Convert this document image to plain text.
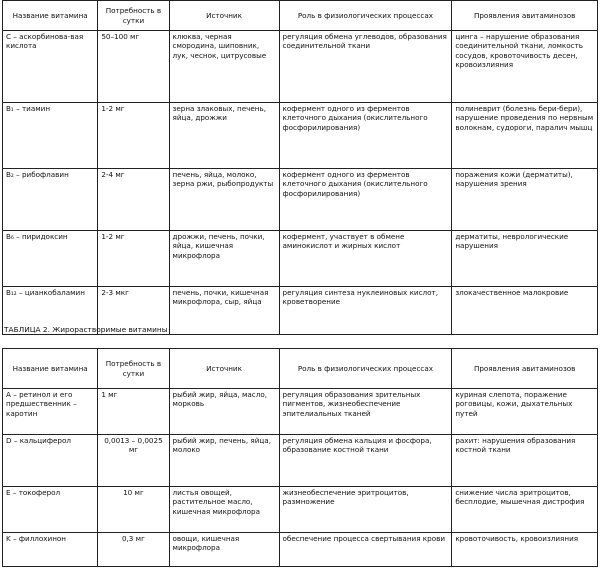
Название витамина	Потребность в сутки	Источник	Роль в физиологических процессах	Проявления авитаминозов
С – аскорбинова-вая кислота	50–100 мг	клюква, черная смородина, шиповник, лук, чеснок, цитрусовые	регуляция обмена углеводов, образования соединительной ткани	цинга – нарушение образования соединительной ткани, ломкость сосудов, кровоточивость десен, кровоизлияния
B₁ – тиамин	1-2 мг	зерна злаковых, печень, яйца, дрожжи	кофермент одного из ферментов клеточного дыхания (окислительного фосфорилирования)	полиневрит (болезнь бери-бери), нарушение проведения по нервным волокнам, судороги, паралич мышц
B₂ – рибофлавин	2-4 мг	печень, яйца, молоко, зерна ржи, рыбопродукты	кофермент одного из ферментов клеточного дыхания (окислительного фосфорилирования)	поражения кожи (дерматиты), нарушения зрения
B₆ – пиридоксин	1-2 мг	дрожжи, печень, почки, яйца, кишечная микрофлора	кофермент, участвует в обмене аминокислот и жирных кислот	дерматиты, неврологические нарушения
B₁₂ – цианкобаламин	2-3 мкг	печень, почки, кишечная микрофлора, сыр, яйца	регуляция синтеза нуклеиновых кислот, кроветворение	злокачественное малокровие
ТАБЛИЦА 2. Жирорастворимые витамины
Название витамина	Потребность в сутки	Источник	Роль в физиологических процессах	Проявления авитаминозов
A – ретинол и его предшественник – каротин	1 мг	рыбий жир, яйца, масло, морковь	регуляция образования зрительных пигментов, жизнеобеспечение эпителиальных тканей	куриная слепота, поражение роговицы, кожи, дыхательных путей
D – кальциферол	0,0013 – 0,0025 мг	рыбий жир, печень, яйца, молоко	регуляция обмена кальция и фосфора, образование костной ткани	рахит: нарушения образования костной ткани
E – токоферол	10 мг	листья овощей, растительное масло, кишечная микрофлора	жизнеобеспечение эритроцитов, размножение	снижение числа эритроцитов, бесплодие, мышечная дистрофия
K – филлохинон	0,3 мг	овощи, кишечная микрофлора	обеспечение процесса свертывания крови	кровоточивость, кровоизлияния
